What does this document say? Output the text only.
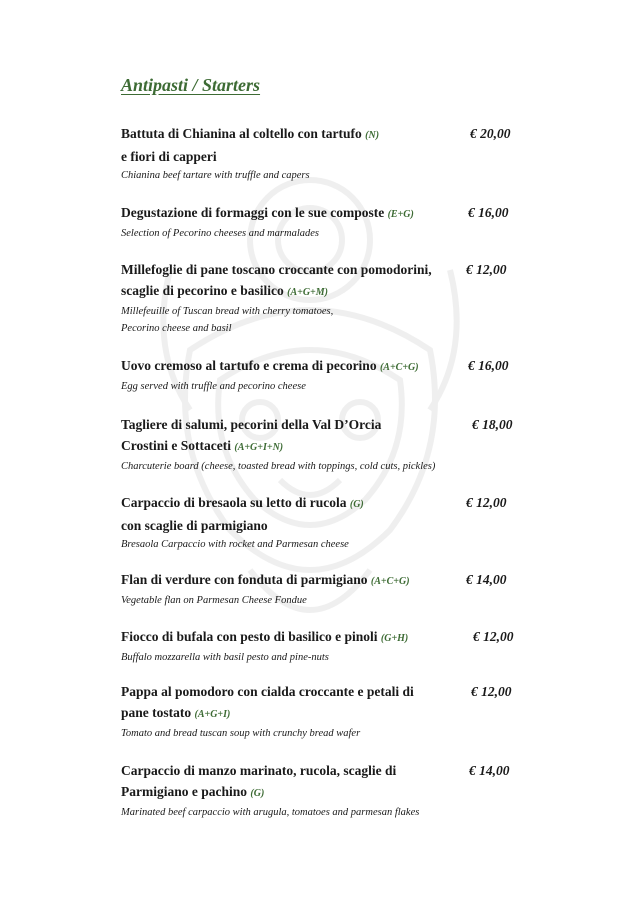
Antipasti / Starters
Battuta di Chianina al coltello con tartufo (N)
e fiori di capperi
€ 20,00
Chianina beef tartare with truffle and capers
Degustazione di formaggi con le sue composte (E+G)	€ 16,00
Selection of Pecorino cheeses and marmalades
Millefoglie di pane toscano croccante con pomodorini,
scaglie di pecorino e basilico (A+G+M)
€ 12,00
Millefeuille of Tuscan bread with cherry tomatoes,
Pecorino cheese and basil
Uovo cremoso al tartufo e crema di pecorino (A+C+G)	€ 16,00
Egg served with truffle and pecorino cheese
Tagliere di salumi, pecorini della Val D’Orcia
Crostini e Sottaceti (A+G+I+N)
€ 18,00
Charcuterie board (cheese, toasted bread with toppings, cold cuts, pickles)
Carpaccio di bresaola su letto di rucola (G)
con scaglie di parmigiano
€ 12,00
Bresaola Carpaccio with rocket and Parmesan cheese
Flan di verdure con fonduta di parmigiano (A+C+G)	€ 14,00
Vegetable flan on Parmesan Cheese Fondue
Fiocco di bufala con pesto di basilico e pinoli (G+H)	€ 12,00
Buffalo mozzarella with basil pesto and pine-nuts
Pappa al pomodoro con cialda croccante e petali di
pane tostato (A+G+I)
€ 12,00
Tomato and bread tuscan soup with crunchy bread wafer
Carpaccio di manzo marinato, rucola, scaglie di
Parmigiano e pachino (G)
€ 14,00
Marinated beef carpaccio with arugula, tomatoes and parmesan flakes
